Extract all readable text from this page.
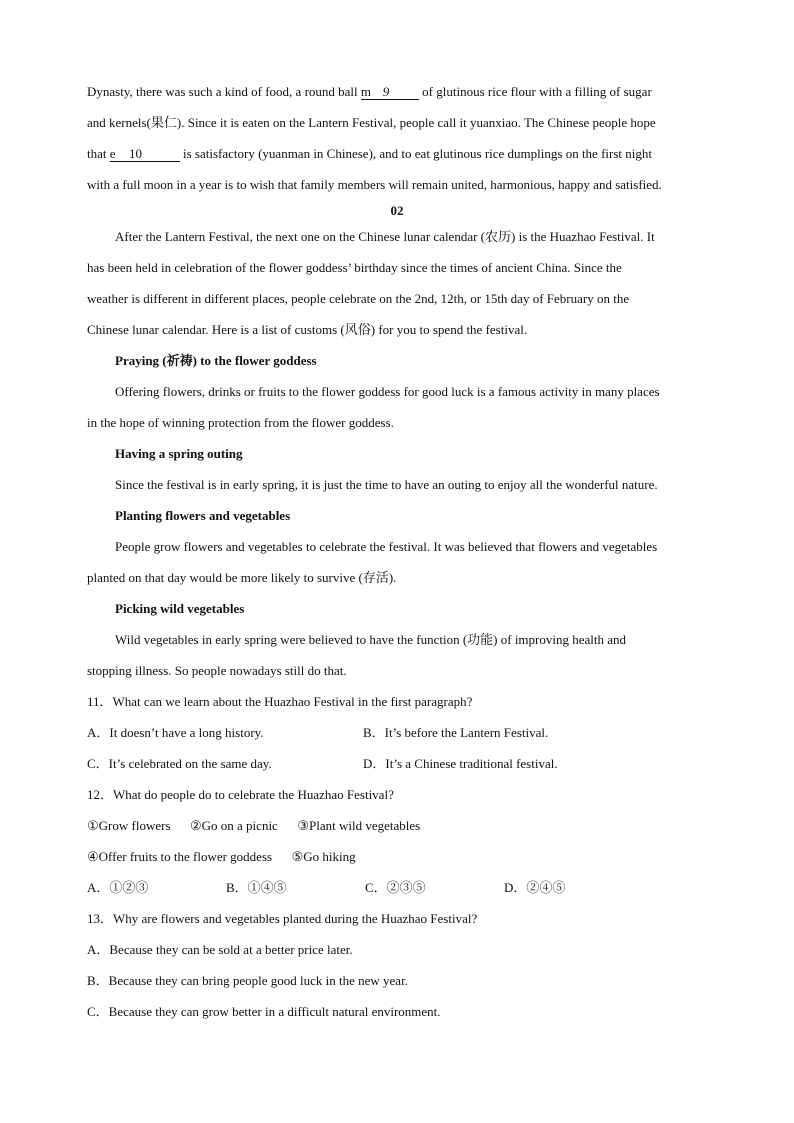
Dynasty, there was such a kind of food, a round ball m 9 of glutinous rice flour with a filling of sugar
and kernels(果仁). Since it is eaten on the Lantern Festival, people call it yuanxiao. The Chinese people hope
that e 10	is satisfactory (yuanman in Chinese), and to eat glutinous rice dumplings on the first night
with a full moon in a year is to wish that family members will remain united, harmonious, happy and satisfied.
02
After the Lantern Festival, the next one on the Chinese lunar calendar (农历) is the Huazhao Festival. It
has been held in celebration of the flower goddess’ birthday since the times of ancient China. Since the
weather is different in different places, people celebrate on the 2nd, 12th, or 15th day of February on the
Chinese lunar calendar. Here is a list of customs (风俗) for you to spend the festival.
Praying (祈祷) to the flower goddess
Offering flowers, drinks or fruits to the flower goddess for good luck is a famous activity in many places
in the hope of winning protection from the flower goddess.
Having a spring outing
Since the festival is in early spring, it is just the time to have an outing to enjoy all the wonderful nature.
Planting flowers and vegetables
People grow flowers and vegetables to celebrate the festival. It was believed that flowers and vegetables
planted on that day would be more likely to survive (存活).
Picking wild vegetables
Wild vegetables in early spring were believed to have the function (功能) of improving health and
stopping illness. So people nowadays still do that.
11．What can we learn about the Huazhao Festival in the first paragraph?
A．It doesn’t have a long history.	B．It’s before the Lantern Festival.
C．It’s celebrated on the same day.	D．It’s a Chinese traditional festival.
12．What do people do to celebrate the Huazhao Festival?
①Grow flowers      ②Go on a picnic      ③Plant wild vegetables
④Offer fruits to the flower goddess      ⑤Go hiking
A．①②③	B．①④⑤	C．②③⑤	D．②④⑤
13．Why are flowers and vegetables planted during the Huazhao Festival?
A．Because they can be sold at a better price later.
B．Because they can bring people good luck in the new year.
C．Because they can grow better in a difficult natural environment.
